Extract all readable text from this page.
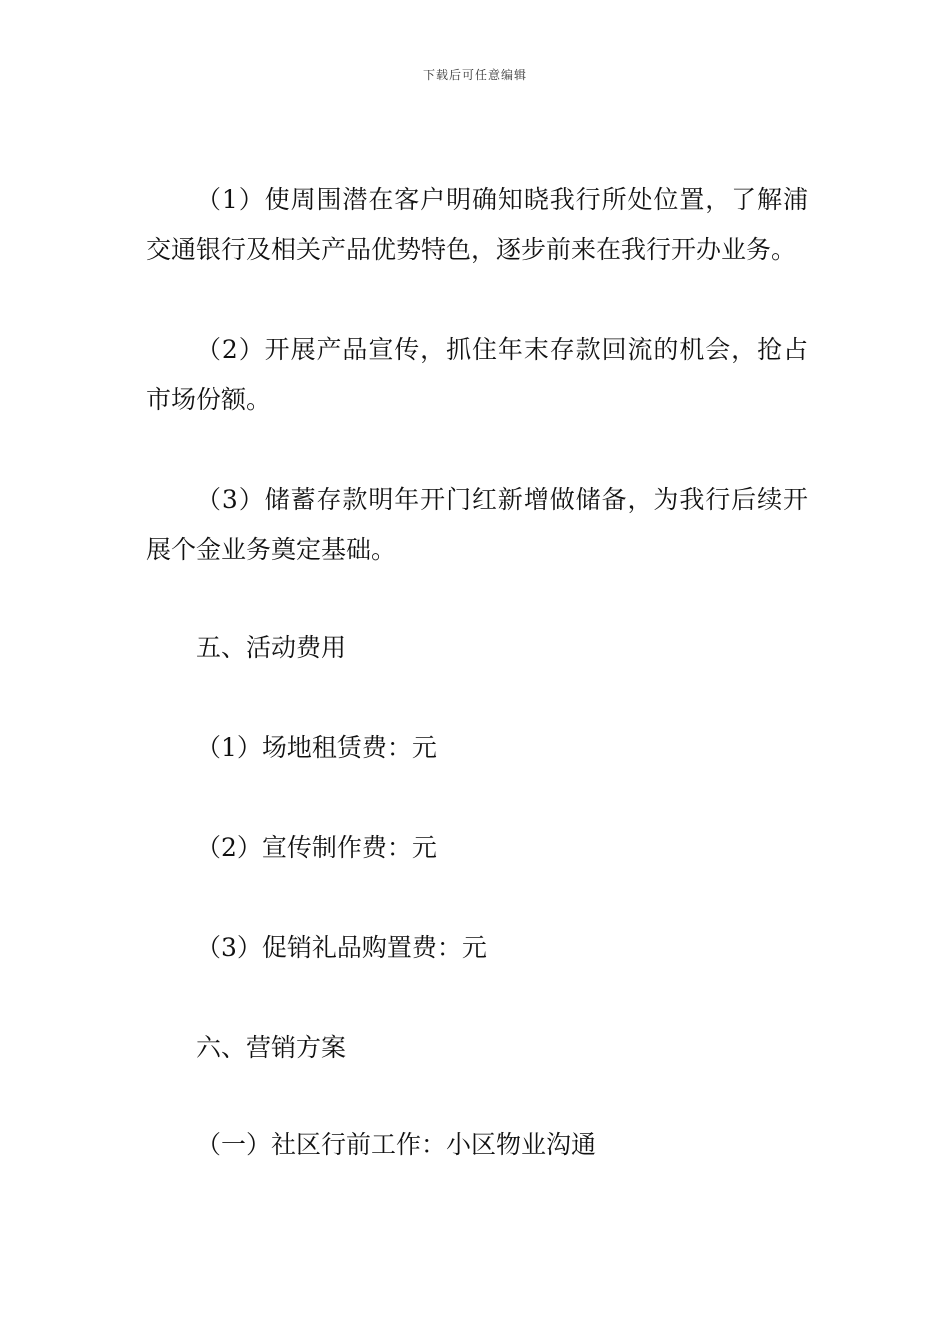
下载后可任意编辑

（1）使周围潜在客户明确知晓我行所处位置，了解浦交通银行及相关产品优势特色，逐步前来在我行开办业务。

（2）开展产品宣传，抓住年末存款回流的机会，抢占市场份额。

（3）储蓄存款明年开门红新增做储备，为我行后续开展个金业务奠定基础。

五、活动费用

（1）场地租赁费：元

（2）宣传制作费：元

（3）促销礼品购置费：元

六、营销方案

（一）社区行前工作：小区物业沟通
